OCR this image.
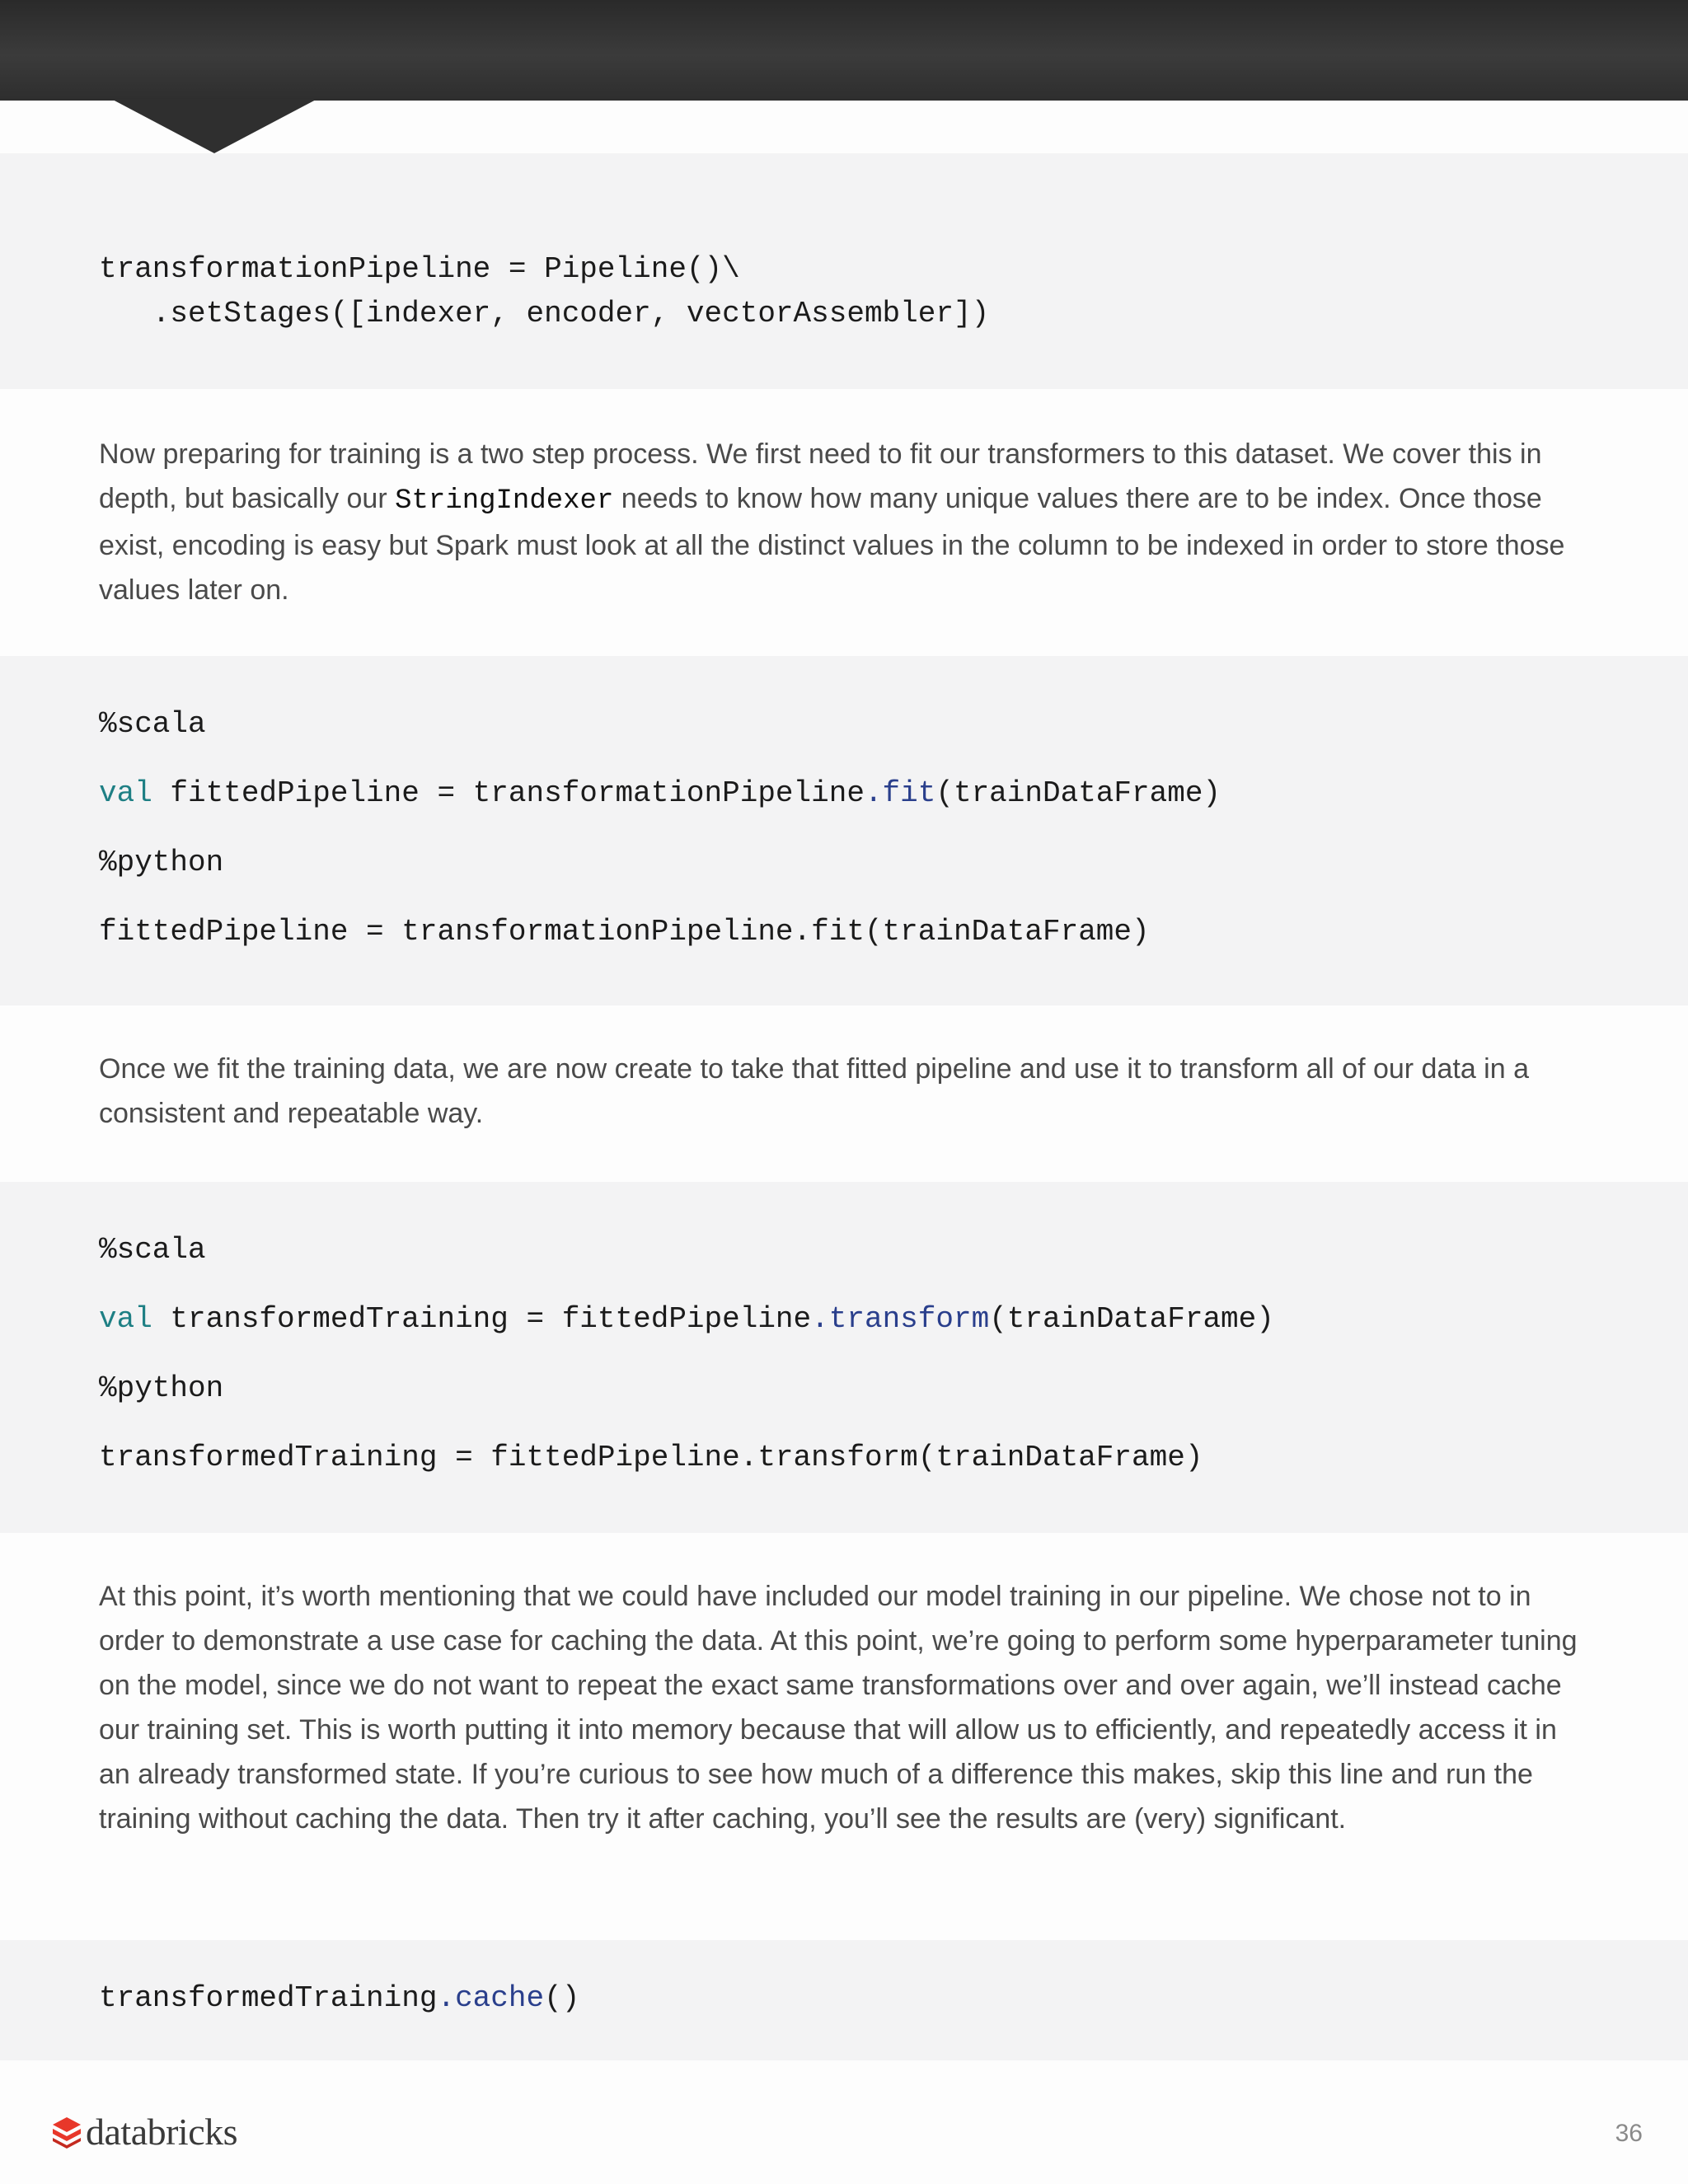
transformationPipeline = Pipeline()\
.setStages([indexer, encoder, vectorAssembler])

Now preparing for training is a two step process. We first need to fit our transformers to this dataset. We cover this in depth, but basically our StringIndexer needs to know how many unique values there are to be index. Once those exist, encoding is easy but Spark must look at all the distinct values in the column to be indexed in order to store those values later on.

%scala
val fittedPipeline = transformationPipeline.fit(trainDataFrame)
%python
fittedPipeline = transformationPipeline.fit(trainDataFrame)

Once we fit the training data, we are now create to take that fitted pipeline and use it to transform all of our data in a consistent and repeatable way.

%scala
val transformedTraining = fittedPipeline.transform(trainDataFrame)
%python
transformedTraining = fittedPipeline.transform(trainDataFrame)

At this point, it’s worth mentioning that we could have included our model training in our pipeline. We chose not to in order to demonstrate a use case for caching the data. At this point, we’re going to perform some hyperparameter tuning on the model, since we do not want to repeat the exact same transformations over and over again, we’ll instead cache our training set. This is worth putting it into memory because that will allow us to efficiently, and repeatedly access it in an already transformed state. If you’re curious to see how much of a difference this makes, skip this line and run the training without caching the data. Then try it after caching, you’ll see the results are (very) significant.

transformedTraining.cache()
databricks	36
